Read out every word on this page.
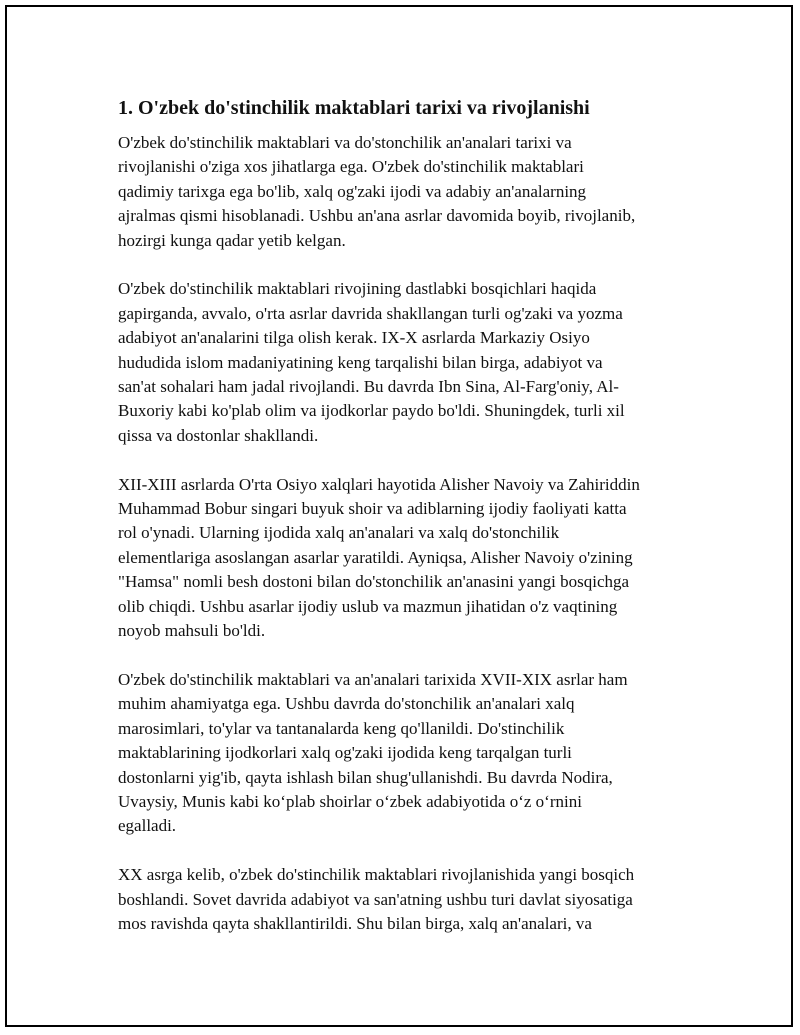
1. O'zbek do'stinchilik maktablari tarixi va rivojlanishi

O'zbek do'stinchilik maktablari va do'stonchilik an'analari tarixi va
rivojlanishi o'ziga xos jihatlarga ega. O'zbek do'stinchilik maktablari
qadimiy tarixga ega bo'lib, xalq og'zaki ijodi va adabiy an'analarning
ajralmas qismi hisoblanadi. Ushbu an'ana asrlar davomida boyib, rivojlanib,
hozirgi kunga qadar yetib kelgan.

O'zbek do'stinchilik maktablari rivojining dastlabki bosqichlari haqida
gapirganda, avvalo, o'rta asrlar davrida shakllangan turli og'zaki va yozma
adabiyot an'analarini tilga olish kerak. IX-X asrlarda Markaziy Osiyo
hududida islom madaniyatining keng tarqalishi bilan birga, adabiyot va
san'at sohalari ham jadal rivojlandi. Bu davrda Ibn Sina, Al-Farg'oniy, Al-
Buxoriy kabi ko'plab olim va ijodkorlar paydo bo'ldi. Shuningdek, turli xil
qissa va dostonlar shakllandi.

XII-XIII asrlarda O'rta Osiyo xalqlari hayotida Alisher Navoiy va Zahiriddin
Muhammad Bobur singari buyuk shoir va adiblarning ijodiy faoliyati katta
rol o'ynadi. Ularning ijodida xalq an'analari va xalq do'stonchilik
elementlariga asoslangan asarlar yaratildi. Ayniqsa, Alisher Navoiy o'zining
"Hamsa" nomli besh dostoni bilan do'stonchilik an'anasini yangi bosqichga
olib chiqdi. Ushbu asarlar ijodiy uslub va mazmun jihatidan o'z vaqtining
noyob mahsuli bo'ldi.

O'zbek do'stinchilik maktablari va an'analari tarixida XVII-XIX asrlar ham
muhim ahamiyatga ega. Ushbu davrda do'stonchilik an'analari xalq
marosimlari, to'ylar va tantanalarda keng qo'llanildi. Do'stinchilik
maktablarining ijodkorlari xalq og'zaki ijodida keng tarqalgan turli
dostonlarni yig'ib, qayta ishlash bilan shug'ullanishdi. Bu davrda Nodira,
Uvaysiy, Munis kabi ko‘plab shoirlar o‘zbek adabiyotida o‘z o‘rnini
egalladi.

XX asrga kelib, o'zbek do'stinchilik maktablari rivojlanishida yangi bosqich
boshlandi. Sovet davrida adabiyot va san'atning ushbu turi davlat siyosatiga
mos ravishda qayta shakllantirildi. Shu bilan birga, xalq an'analari, va
